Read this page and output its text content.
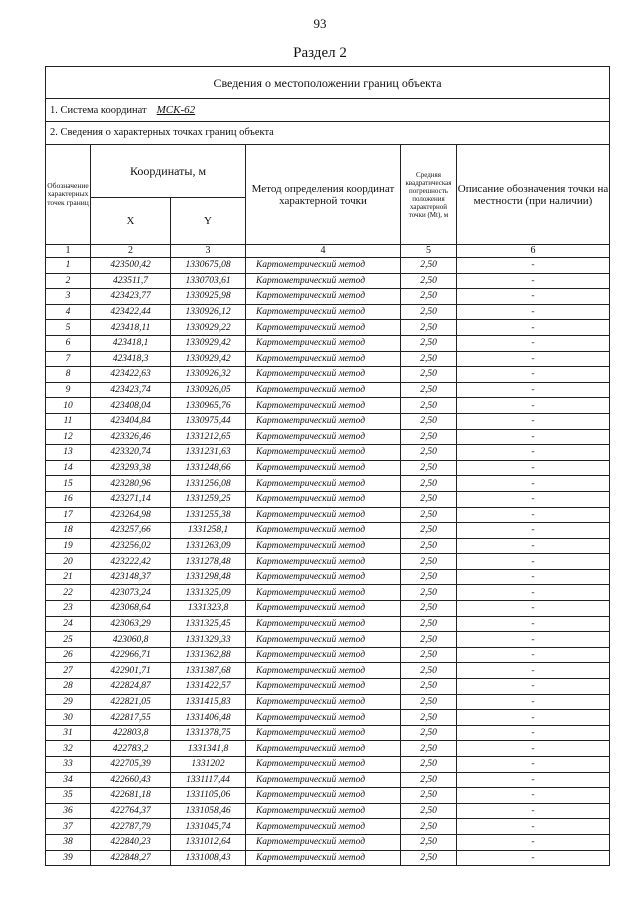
93
Раздел 2
Сведения о местоположении границ объекта					
1. Система координат МСК-62					
2. Сведения о характерных точках границ объекта					
Обозначение характерных точек границ	Координаты, м		Метод определения координат характерной точки	Средняя квадратическая погрешность положения характерной точки (Mt), м	Описание обозначения точки на местности (при наличии)
	X	Y			
1	2	3	4	5	6
1	423500,42	1330675,08	Картометрический метод	2,50	-
2	423511,7	1330703,61	Картометрический метод	2,50	-
3	423423,77	1330925,98	Картометрический метод	2,50	-
4	423422,44	1330926,12	Картометрический метод	2,50	-
5	423418,11	1330929,22	Картометрический метод	2,50	-
6	423418,1	1330929,42	Картометрический метод	2,50	-
7	423418,3	1330929,42	Картометрический метод	2,50	-
8	423422,63	1330926,32	Картометрический метод	2,50	-
9	423423,74	1330926,05	Картометрический метод	2,50	-
10	423408,04	1330965,76	Картометрический метод	2,50	-
11	423404,84	1330975,44	Картометрический метод	2,50	-
12	423326,46	1331212,65	Картометрический метод	2,50	-
13	423320,74	1331231,63	Картометрический метод	2,50	-
14	423293,38	1331248,66	Картометрический метод	2,50	-
15	423280,96	1331256,08	Картометрический метод	2,50	-
16	423271,14	1331259,25	Картометрический метод	2,50	-
17	423264,98	1331255,38	Картометрический метод	2,50	-
18	423257,66	1331258,1	Картометрический метод	2,50	-
19	423256,02	1331263,09	Картометрический метод	2,50	-
20	423222,42	1331278,48	Картометрический метод	2,50	-
21	423148,37	1331298,48	Картометрический метод	2,50	-
22	423073,24	1331325,09	Картометрический метод	2,50	-
23	423068,64	1331323,8	Картометрический метод	2,50	-
24	423063,29	1331325,45	Картометрический метод	2,50	-
25	423060,8	1331329,33	Картометрический метод	2,50	-
26	422966,71	1331362,88	Картометрический метод	2,50	-
27	422901,71	1331387,68	Картометрический метод	2,50	-
28	422824,87	1331422,57	Картометрический метод	2,50	-
29	422821,05	1331415,83	Картометрический метод	2,50	-
30	422817,55	1331406,48	Картометрический метод	2,50	-
31	422803,8	1331378,75	Картометрический метод	2,50	-
32	422783,2	1331341,8	Картометрический метод	2,50	-
33	422705,39	1331202	Картометрический метод	2,50	-
34	422660,43	1331117,44	Картометрический метод	2,50	-
35	422681,18	1331105,06	Картометрический метод	2,50	-
36	422764,37	1331058,46	Картометрический метод	2,50	-
37	422787,79	1331045,74	Картометрический метод	2,50	-
38	422840,23	1331012,64	Картометрический метод	2,50	-
39	422848,27	1331008,43	Картометрический метод	2,50	-
